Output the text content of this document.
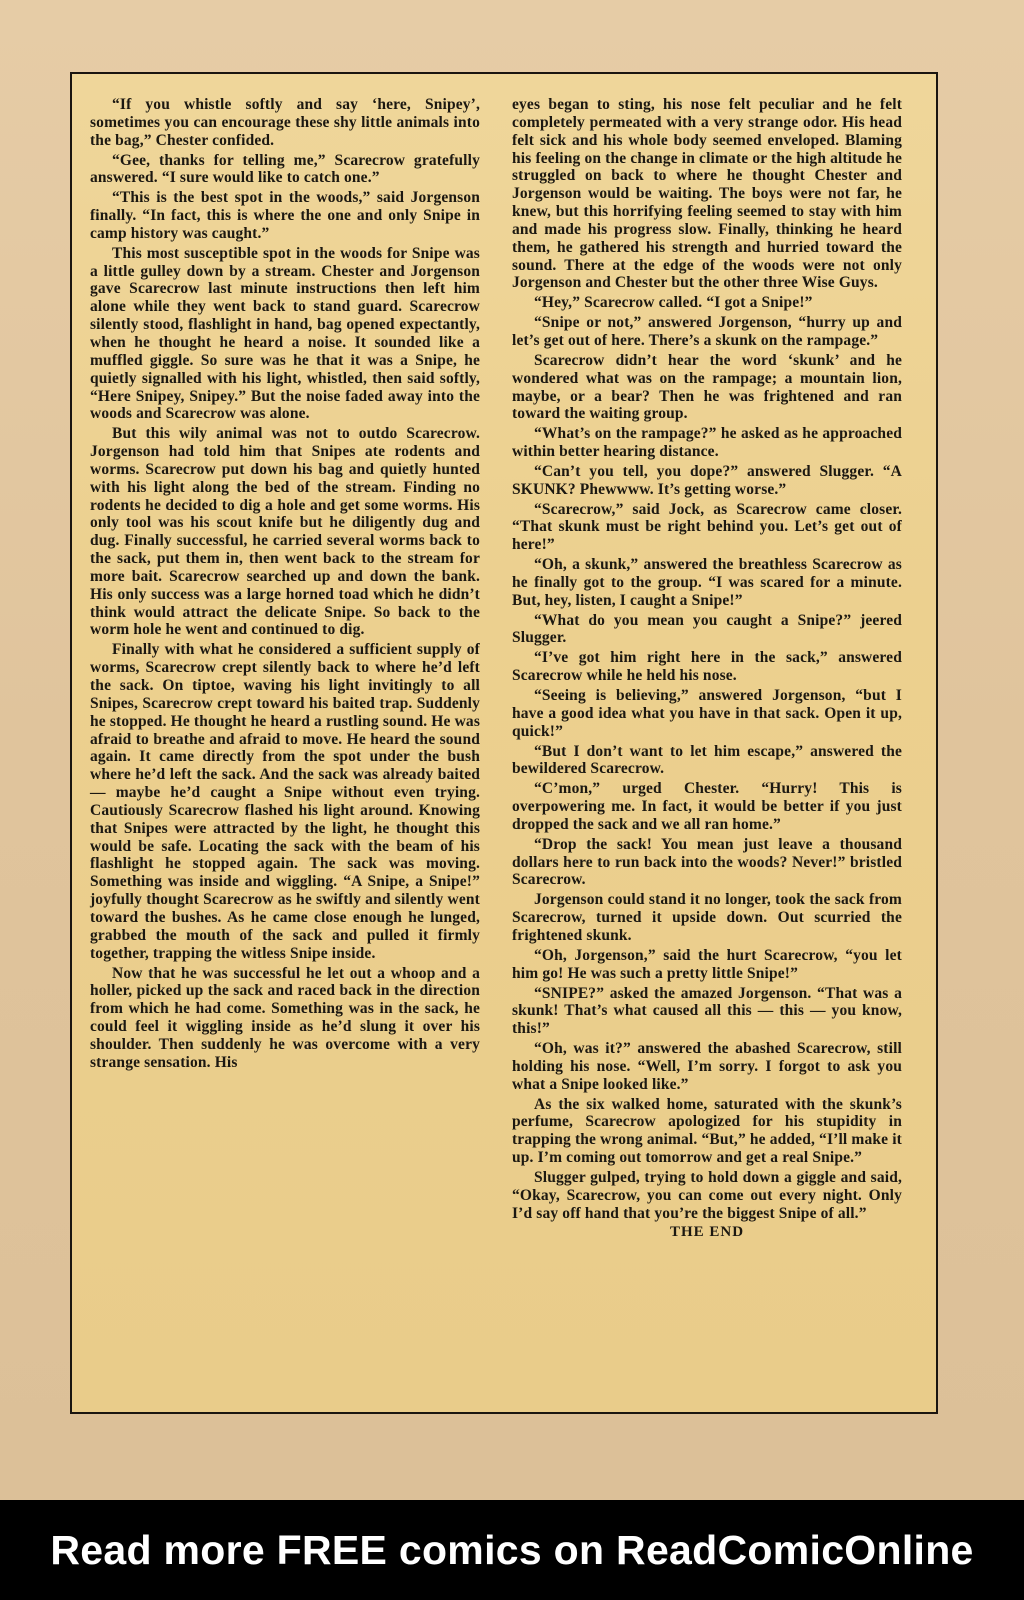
“If you whistle softly and say ‘here, Snipey’, sometimes you can encourage these shy little animals into the bag,” Chester confided.

“Gee, thanks for telling me,” Scarecrow gratefully answered. “I sure would like to catch one.”

“This is the best spot in the woods,” said Jorgenson finally. “In fact, this is where the one and only Snipe in camp history was caught.”

This most susceptible spot in the woods for Snipe was a little gulley down by a stream. Chester and Jorgenson gave Scarecrow last minute instructions then left him alone while they went back to stand guard. Scarecrow silently stood, flashlight in hand, bag opened expectantly, when he thought he heard a noise. It sounded like a muffled giggle. So sure was he that it was a Snipe, he quietly signalled with his light, whistled, then said softly, “Here Snipey, Snipey.” But the noise faded away into the woods and Scarecrow was alone.

But this wily animal was not to outdo Scarecrow. Jorgenson had told him that Snipes ate rodents and worms. Scarecrow put down his bag and quietly hunted with his light along the bed of the stream. Finding no rodents he decided to dig a hole and get some worms. His only tool was his scout knife but he diligently dug and dug. Finally successful, he carried several worms back to the sack, put them in, then went back to the stream for more bait. Scarecrow searched up and down the bank. His only success was a large horned toad which he didn’t think would attract the delicate Snipe. So back to the worm hole he went and continued to dig.

Finally with what he considered a sufficient supply of worms, Scarecrow crept silently back to where he’d left the sack. On tiptoe, waving his light invitingly to all Snipes, Scarecrow crept toward his baited trap. Suddenly he stopped. He thought he heard a rustling sound. He was afraid to breathe and afraid to move. He heard the sound again. It came directly from the spot under the bush where he’d left the sack. And the sack was already baited — maybe he’d caught a Snipe without even trying. Cautiously Scarecrow flashed his light around. Knowing that Snipes were attracted by the light, he thought this would be safe. Locating the sack with the beam of his flashlight he stopped again. The sack was moving. Something was inside and wiggling. “A Snipe, a Snipe!” joyfully thought Scarecrow as he swiftly and silently went toward the bushes. As he came close enough he lunged, grabbed the mouth of the sack and pulled it firmly together, trapping the witless Snipe inside.

Now that he was successful he let out a whoop and a holler, picked up the sack and raced back in the direction from which he had come. Something was in the sack, he could feel it wiggling inside as he’d slung it over his shoulder. Then suddenly he was overcome with a very strange sensation. His

eyes began to sting, his nose felt peculiar and he felt completely permeated with a very strange odor. His head felt sick and his whole body seemed enveloped. Blaming his feeling on the change in climate or the high altitude he struggled on back to where he thought Chester and Jorgenson would be waiting. The boys were not far, he knew, but this horrifying feeling seemed to stay with him and made his progress slow. Finally, thinking he heard them, he gathered his strength and hurried toward the sound. There at the edge of the woods were not only Jorgenson and Chester but the other three Wise Guys.

“Hey,” Scarecrow called. “I got a Snipe!”

“Snipe or not,” answered Jorgenson, “hurry up and let’s get out of here. There’s a skunk on the rampage.”

Scarecrow didn’t hear the word ‘skunk’ and he wondered what was on the rampage; a mountain lion, maybe, or a bear? Then he was frightened and ran toward the waiting group.

“What’s on the rampage?” he asked as he approached within better hearing distance.

“Can’t you tell, you dope?” answered Slugger. “A SKUNK? Phewwww. It’s getting worse.”

“Scarecrow,” said Jock, as Scarecrow came closer. “That skunk must be right behind you. Let’s get out of here!”

“Oh, a skunk,” answered the breathless Scarecrow as he finally got to the group. “I was scared for a minute. But, hey, listen, I caught a Snipe!”

“What do you mean you caught a Snipe?” jeered Slugger.

“I’ve got him right here in the sack,” answered Scarecrow while he held his nose.

“Seeing is believing,” answered Jorgenson, “but I have a good idea what you have in that sack. Open it up, quick!”

“But I don’t want to let him escape,” answered the bewildered Scarecrow.

“C’mon,” urged Chester. “Hurry! This is overpowering me. In fact, it would be better if you just dropped the sack and we all ran home.”

“Drop the sack! You mean just leave a thousand dollars here to run back into the woods? Never!” bristled Scarecrow.

Jorgenson could stand it no longer, took the sack from Scarecrow, turned it upside down. Out scurried the frightened skunk.

“Oh, Jorgenson,” said the hurt Scarecrow, “you let him go! He was such a pretty little Snipe!”

“SNIPE?” asked the amazed Jorgenson. “That was a skunk! That’s what caused all this — this — you know, this!”

“Oh, was it?” answered the abashed Scarecrow, still holding his nose. “Well, I’m sorry. I forgot to ask you what a Snipe looked like.”

As the six walked home, saturated with the skunk’s perfume, Scarecrow apologized for his stupidity in trapping the wrong animal. “But,” he added, “I’ll make it up. I’m coming out tomorrow and get a real Snipe.”

Slugger gulped, trying to hold down a giggle and said, “Okay, Scarecrow, you can come out every night. Only I’d say off hand that you’re the biggest Snipe of all.”

THE END
Read more FREE comics on ReadComicOnline
